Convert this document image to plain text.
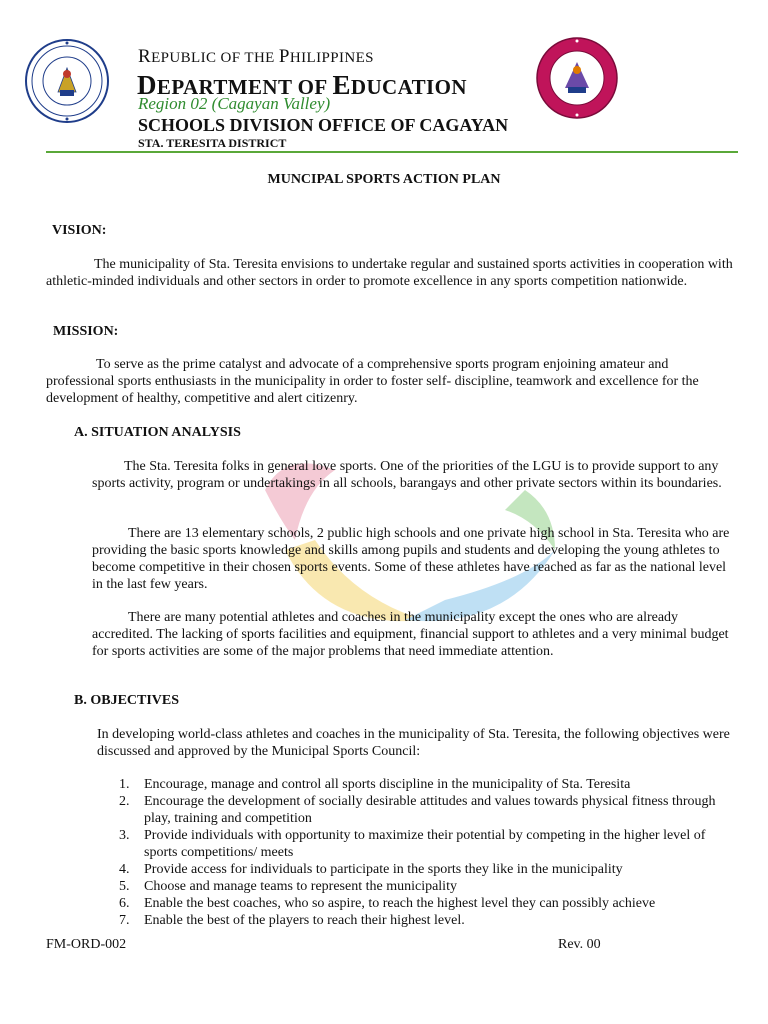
REPUBLIC OF THE PHILIPPINES
DEPARTMENT OF EDUCATION
Region 02 (Cagayan Valley)
SCHOOLS DIVISION OFFICE OF CAGAYAN
STA. TERESITA DISTRICT
MUNCIPAL SPORTS ACTION PLAN
VISION:

The municipality of Sta. Teresita envisions to undertake regular and sustained sports activities in cooperation with athletic-minded individuals and other sectors in order to promote excellence in any sports competition nationwide.

MISSION:

To serve as the prime catalyst and advocate of a comprehensive sports program enjoining amateur and professional sports enthusiasts in the municipality in order to foster self- discipline, teamwork and excellence for the development of healthy, competitive and alert citizenry.

A. SITUATION ANALYSIS

The Sta. Teresita folks in general love sports. One of the priorities of the LGU is to provide support to any sports activity, program or undertakings in all schools, barangays and other private sectors within its boundaries.

There are 13 elementary schools, 2 public high schools and one private high school in Sta. Teresita who are providing the basic sports knowledge and skills among pupils and students and developing the young athletes to become competitive in their chosen sports events. Some of these athletes have reached as far as the national level in the last few years.

There are many potential athletes and coaches in the municipality except the ones who are already accredited. The lacking of sports facilities and equipment, financial support to athletes and a very minimal budget for sports activities are some of the major problems that need immediate attention.

B. OBJECTIVES

In developing world-class athletes and coaches in the municipality of Sta. Teresita, the following objectives were discussed and approved by the Municipal Sports Council:

1. Encourage, manage and control all sports discipline in the municipality of Sta. Teresita
2. Encourage the development of socially desirable attitudes and values towards physical fitness through play, training and competition
3. Provide individuals with opportunity to maximize their potential by competing in the higher level of sports competitions/ meets
4. Provide access for individuals to participate in the sports they like in the municipality
5. Choose and manage teams to represent the municipality
6. Enable the best coaches, who so aspire, to reach the highest level they can possibly achieve
7. Enable the best of the players to reach their highest level.
FM-ORD-002	Rev. 00
